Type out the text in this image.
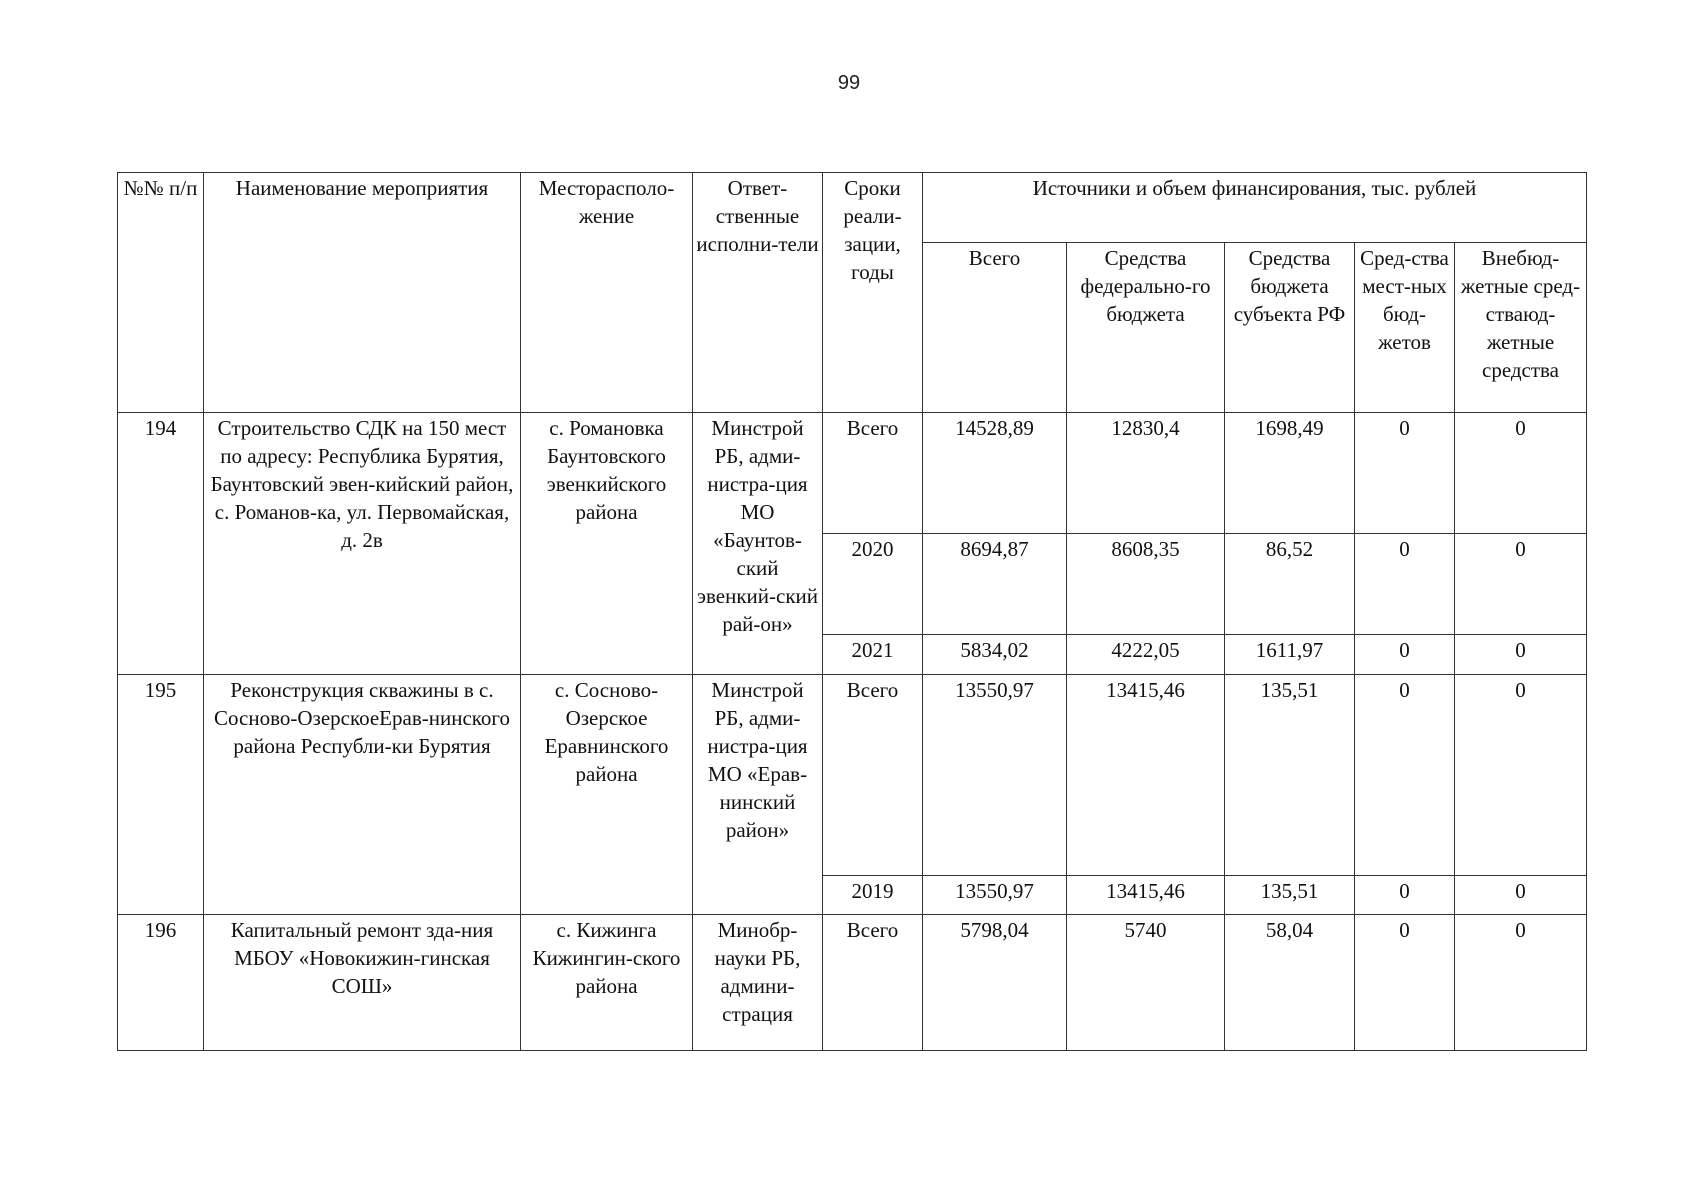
99
№№ п/п	Наименование мероприятия	Месторасполо-жение	Ответ-ственные исполни-тели	Сроки реали-зации, годы	Источники и объем финансирования, тыс. рублей				
					Всего	Средства федерально-го бюджета	Средства бюджета субъекта РФ	Сред-ства мест-ных бюд-жетов	Внебюд-жетные сред-стваюд-жетные средства
194	Строительство СДК на 150 мест по адресу: Республика Бурятия, Баунтовский эвен-кийский район, с. Романов-ка, ул. Первомайская, д. 2в	с. Романовка Баунтовского эвенкийского района	Минстрой РБ, адми-нистра-ция МО «Баунтов-ский эвенкий-ский рай-он»	Всего	14528,89	12830,4	1698,49	0	0
				2020	8694,87	8608,35	86,52	0	0
				2021	5834,02	4222,05	1611,97	0	0
195	Реконструкция скважины в с. Сосново-ОзерскоеЕрав-нинского района Республи-ки Бурятия	с. Сосново-Озерское Еравнинского района	Минстрой РБ, адми-нистра-ция МО «Ерав-нинский район»	Всего	13550,97	13415,46	135,51	0	0
				2019	13550,97	13415,46	135,51	0	0
196	Капитальный ремонт зда-ния МБОУ «Новокижин-гинская СОШ»	с. Кижинга Кижингин-ского района	Минобр-науки РБ, админи-страция	Всего	5798,04	5740	58,04	0	0
